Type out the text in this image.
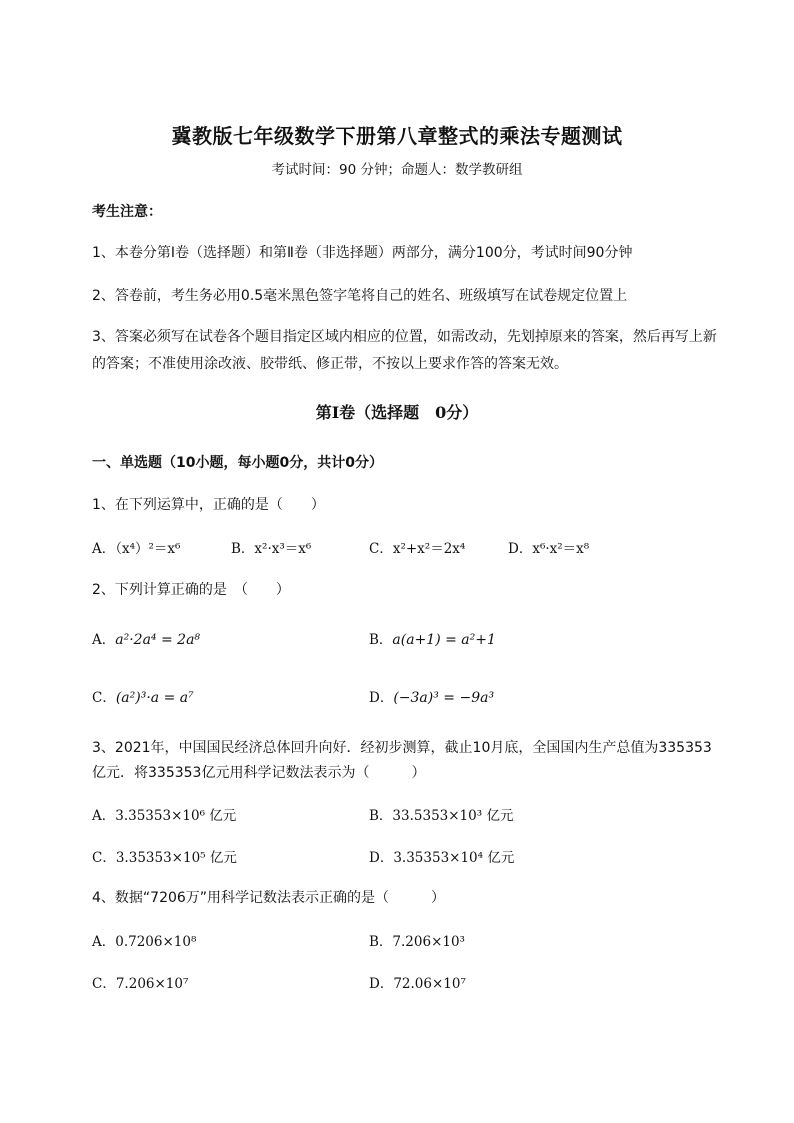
冀教版七年级数学下册第八章整式的乘法专题测试
考试时间：90 分钟；命题人：数学教研组
考生注意：
1、本卷分第I卷（选择题）和第Ⅱ卷（非选择题）两部分，满分100分，考试时间90分钟
2、答卷前，考生务必用0.5毫米黑色签字笔将自己的姓名、班级填写在试卷规定位置上
3、答案必须写在试卷各个题目指定区域内相应的位置，如需改动，先划掉原来的答案，然后再写上新
的答案；不准使用涂改液、胶带纸、修正带，不按以上要求作答的答案无效。
第I卷（选择题　0分）
一、单选题（10小题，每小题0分，共计0分）
1、在下列运算中，正确的是（　　）
A．（x⁴）²＝x⁶	B．x²·x³＝x⁶	C．x²+x²＝2x⁴	D．x⁶·x²＝x⁸
2、下列计算正确的是　（　　）
A．a²·2a⁴ = 2a⁸	B．a(a+1) = a²+1
C．(a²)³·a = a⁷	D．(−3a)³ = −9a³
3、2021年，中国国民经济总体回升向好．经初步测算，截止10月底，全国国内生产总值为335353
亿元．将335353亿元用科学记数法表示为（　　　）
A．3.35353×10⁶ 亿元	B．33.5353×10³ 亿元
C．3.35353×10⁵ 亿元	D．3.35353×10⁴ 亿元
4、数据“7206万”用科学记数法表示正确的是（　　　）
A．0.7206×10⁸	B．7.206×10³
C．7.206×10⁷	D．72.06×10⁷
